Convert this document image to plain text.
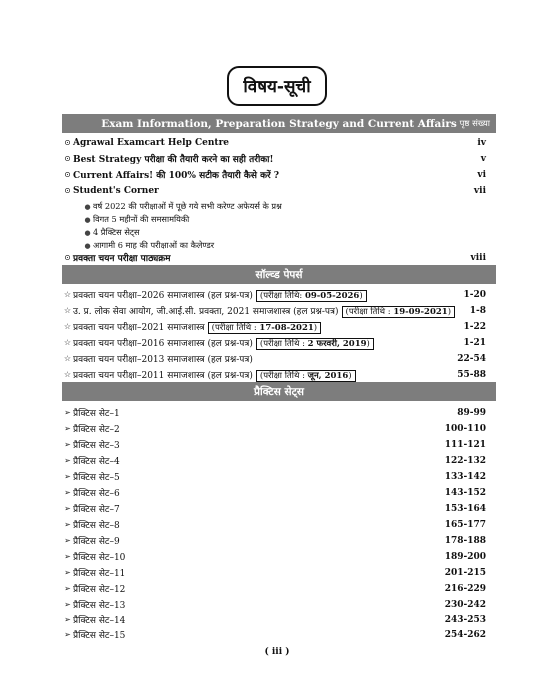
विषय-सूची
Exam Information, Preparation Strategy and Current Affairs पृष्ठ संख्या
⊙ Agrawal Examcart Help Centre	iv
⊙ Best Strategy परीक्षा की तैयारी करने का सही तरीका!	v
⊙ Current Affairs! की 100% सटीक तैयारी कैसे करें ?	vi
⊙ Student's Corner	vii
● वर्ष 2022 की परीक्षाओं में पूछे गये सभी करेण्ट अफेयर्स के प्रश्न
● विगत 5 महीनों की समसामयिकी
● 4 प्रैक्टिस सेट्स
● आगामी 6 माह की परीक्षाओं का कैलेण्डर
⊙ प्रवक्ता चयन परीक्षा पाठ्यक्रम	viii
सॉल्व्ड पेपर्स
☆ प्रवक्ता चयन परीक्षा–2026 समाजशास्त्र (हल प्रश्न-पत्र) (परीक्षा तिथि: 09-05-2026)	1-20
☆ उ. प्र. लोक सेवा आयोग, जी.आई.सी. प्रवक्ता, 2021 समाजशास्त्र (हल प्रश्न-पत्र) (परीक्षा तिथि : 19-09-2021)	1-8
☆ प्रवक्ता चयन परीक्षा–2021 समाजशास्त्र (परीक्षा तिथि : 17-08-2021)	1-22
☆ प्रवक्ता चयन परीक्षा–2016 समाजशास्त्र (हल प्रश्न-पत्र) (परीक्षा तिथि : 2 फरवरी, 2019)	1-21
☆ प्रवक्ता चयन परीक्षा–2013 समाजशास्त्र (हल प्रश्न-पत्र)	22-54
☆ प्रवक्ता चयन परीक्षा–2011 समाजशास्त्र (हल प्रश्न-पत्र) (परीक्षा तिथि : जून, 2016)	55-88
प्रैक्टिस सेट्स
➢ प्रैक्टिस सेट–1	89-99
➢ प्रैक्टिस सेट–2	100-110
➢ प्रैक्टिस सेट–3	111-121
➢ प्रैक्टिस सेट–4	122-132
➢ प्रैक्टिस सेट–5	133-142
➢ प्रैक्टिस सेट–6	143-152
➢ प्रैक्टिस सेट–7	153-164
➢ प्रैक्टिस सेट–8	165-177
➢ प्रैक्टिस सेट–9	178-188
➢ प्रैक्टिस सेट–10	189-200
➢ प्रैक्टिस सेट–11	201-215
➢ प्रैक्टिस सेट–12	216-229
➢ प्रैक्टिस सेट–13	230-242
➢ प्रैक्टिस सेट–14	243-253
➢ प्रैक्टिस सेट–15	254-262
( iii )
